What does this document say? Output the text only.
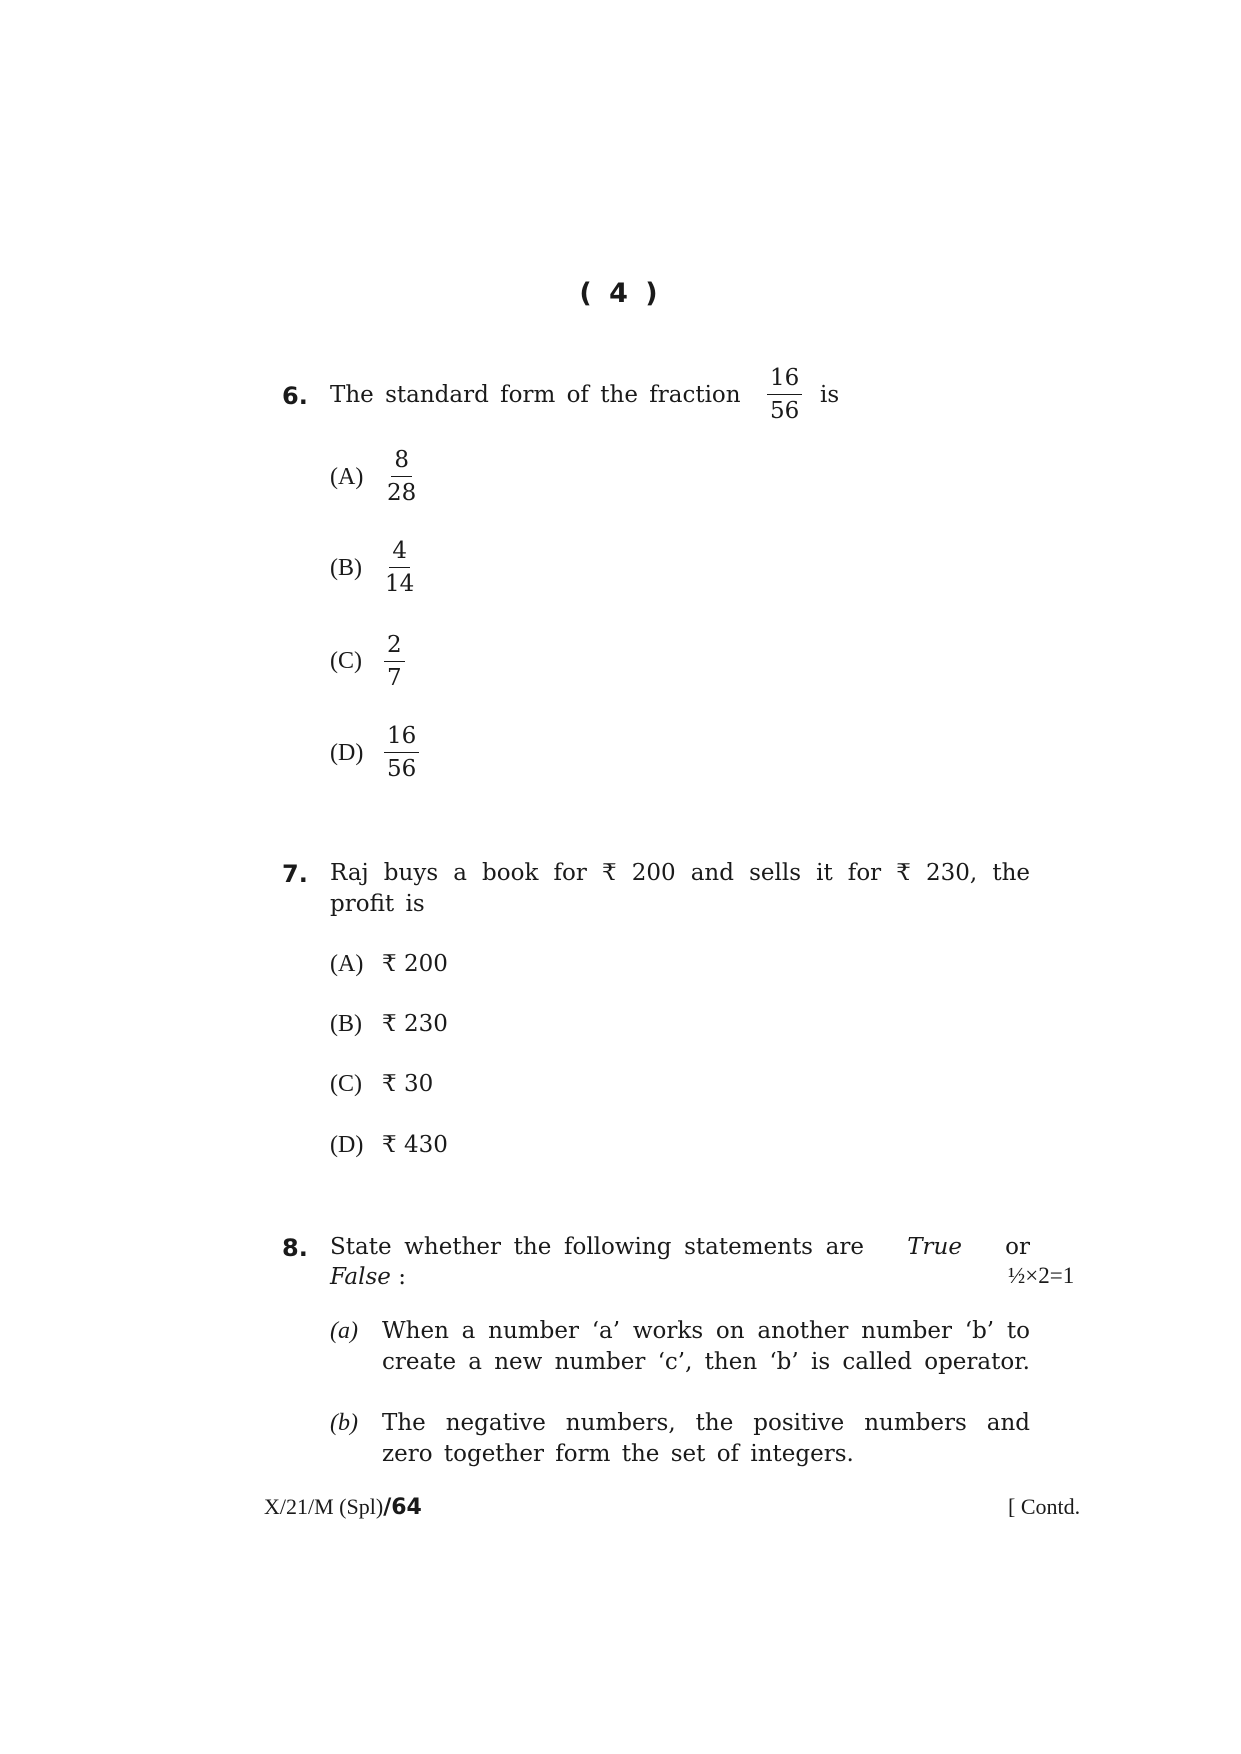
( 4 )
6. The standard form of the fraction $\frac{16}{56}$ is
$(A) \frac{8}{28}$
$(B) \frac{4}{14}$
$(C) \frac{2}{7}$
$(D) \frac{16}{56}$
7. Raj buys a book for ₹ 200 and sells it for ₹ 230, the
profit is
(A) ₹ 200
(B) ₹ 230
(C) ₹ 30
(D) ₹ 430
8. State whether the following statements are True or
False :	½×2=1
(a) When a number ‘a’ works on another number ‘b’ to
create a new number ‘c’, then ‘b’ is called operator.
(b) The negative numbers, the positive numbers and
zero together form the set of integers.
X/21/M (Spl)/64	[ Contd.
